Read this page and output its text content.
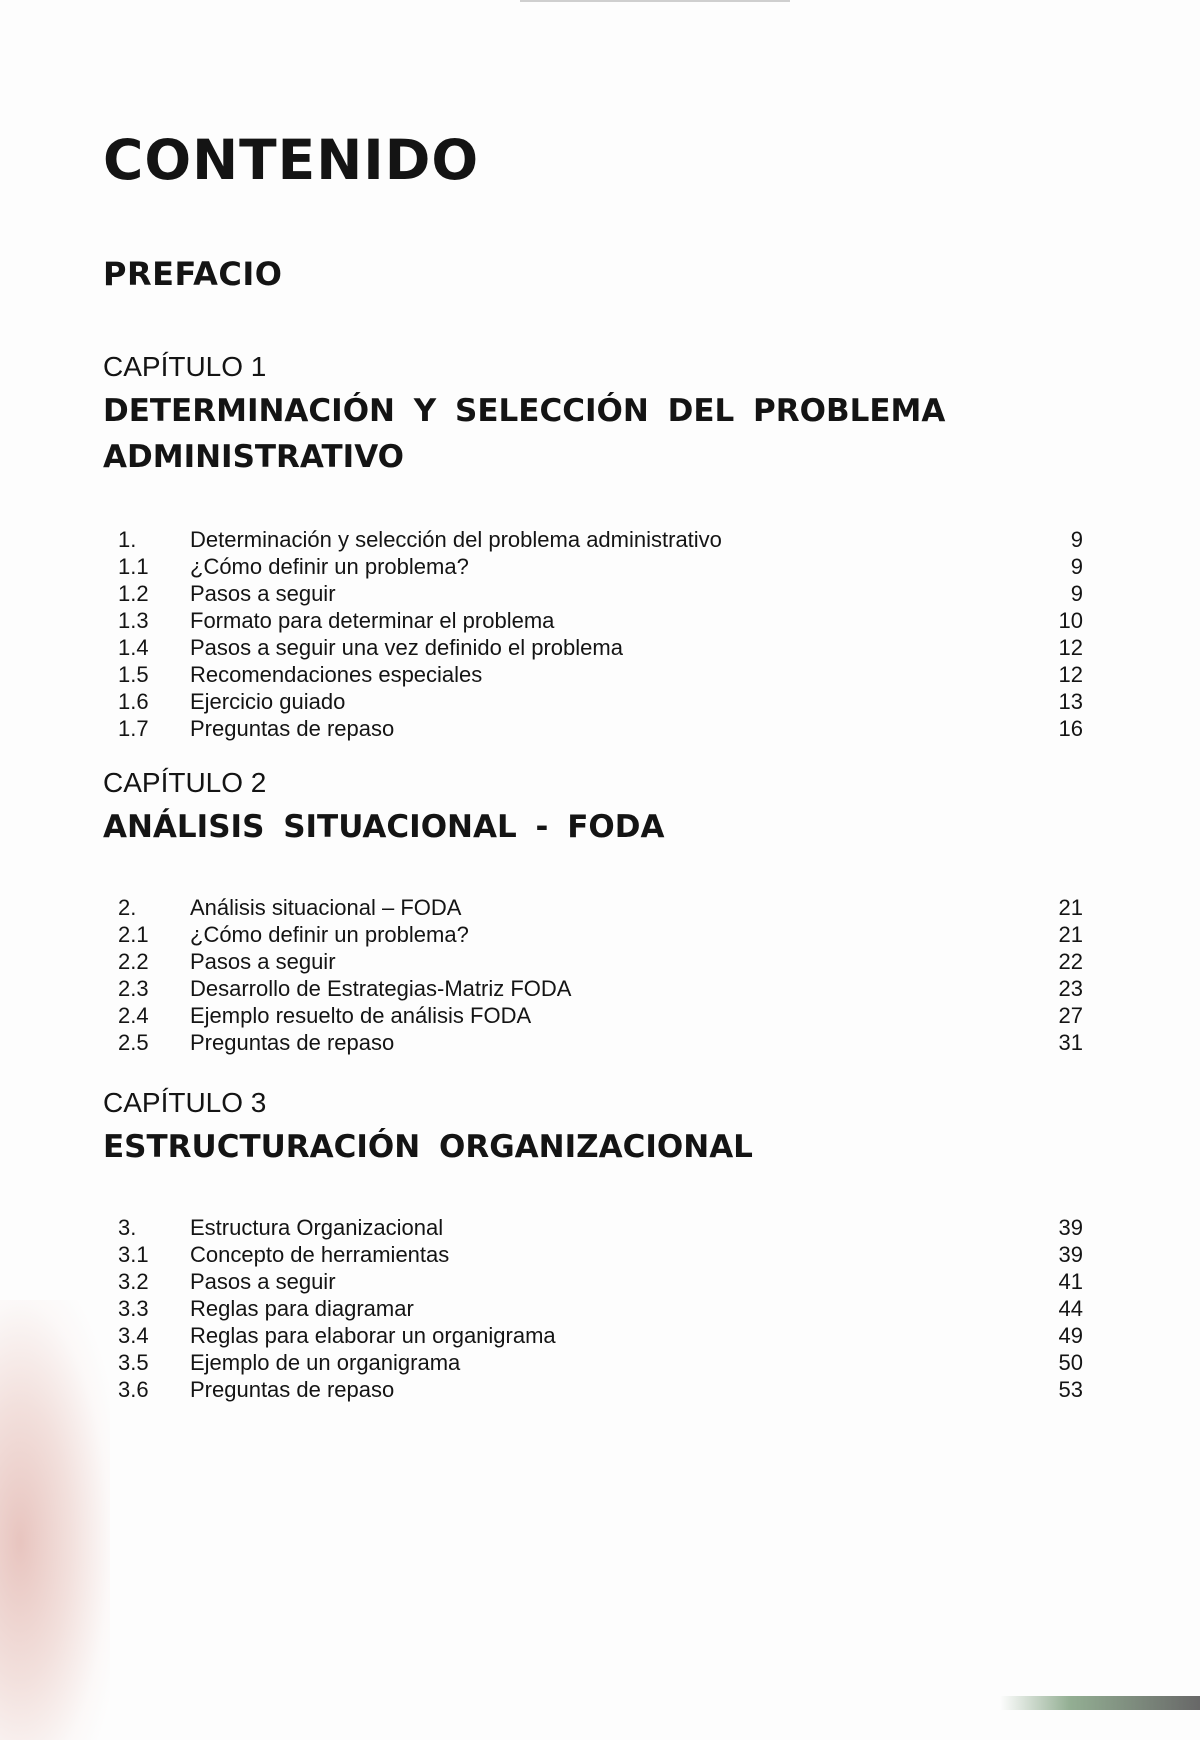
CONTENIDO
PREFACIO

CAPÍTULO 1

DETERMINACIÓN Y SELECCIÓN DEL PROBLEMA ADMINISTRATIVO
1. Determinación y selección del problema administrativo	9
1.1 ¿Cómo definir un problema?	9
1.2 Pasos a seguir	9
1.3 Formato para determinar el problema	10
1.4 Pasos a seguir una vez definido el problema	12
1.5 Recomendaciones especiales	12
1.6 Ejercicio guiado	13
1.7 Preguntas de repaso	16

CAPÍTULO 2

ANÁLISIS SITUACIONAL - FODA
2. Análisis situacional – FODA	21
2.1 ¿Cómo definir un problema?	21
2.2 Pasos a seguir	22
2.3 Desarrollo de Estrategias-Matriz FODA	23
2.4 Ejemplo resuelto de análisis FODA	27
2.5 Preguntas de repaso	31

CAPÍTULO 3

ESTRUCTURACIÓN ORGANIZACIONAL
3. Estructura Organizacional	39
3.1 Concepto de herramientas	39
3.2 Pasos a seguir	41
3.3 Reglas para diagramar	44
3.4 Reglas para elaborar un organigrama	49
3.5 Ejemplo de un organigrama	50
3.6 Preguntas de repaso	53
